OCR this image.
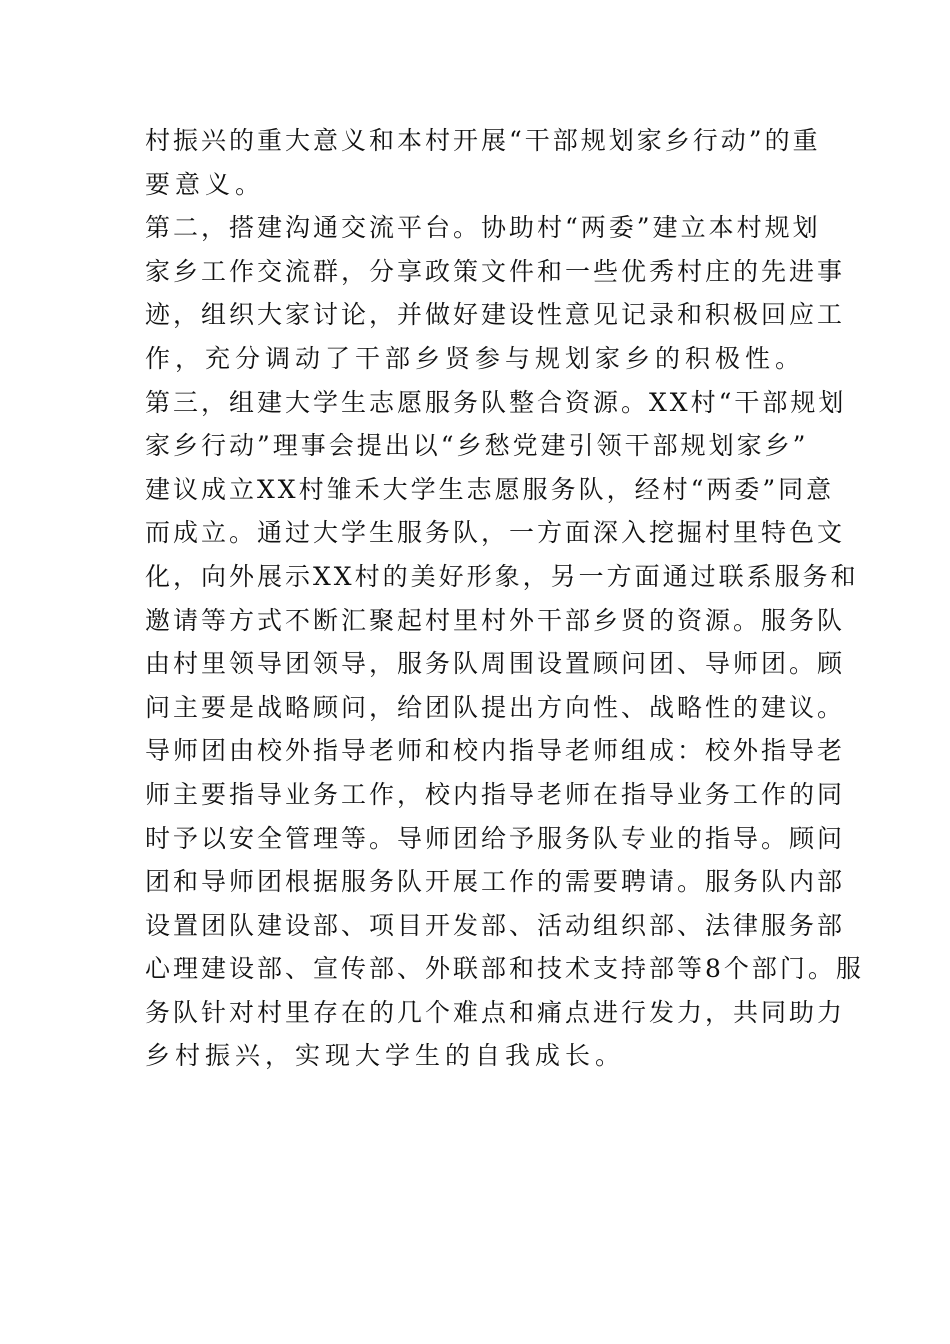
村振兴的重大意义和本村开展“干部规划家乡行动”的重
要意义。
第二，搭建沟通交流平台。协助村“两委”建立本村规划
家乡工作交流群，分享政策文件和一些优秀村庄的先进事
迹，组织大家讨论，并做好建设性意见记录和积极回应工
作，充分调动了干部乡贤参与规划家乡的积极性。
第三，组建大学生志愿服务队整合资源。XX村“干部规划
家乡行动”理事会提出以“乡愁党建引领干部规划家乡”
建议成立XX村雏禾大学生志愿服务队，经村“两委”同意
而成立。通过大学生服务队，一方面深入挖掘村里特色文
化，向外展示XX村的美好形象，另一方面通过联系服务和
邀请等方式不断汇聚起村里村外干部乡贤的资源。服务队
由村里领导团领导，服务队周围设置顾问团、导师团。顾
问主要是战略顾问，给团队提出方向性、战略性的建议。
导师团由校外指导老师和校内指导老师组成：校外指导老
师主要指导业务工作，校内指导老师在指导业务工作的同
时予以安全管理等。导师团给予服务队专业的指导。顾问
团和导师团根据服务队开展工作的需要聘请。服务队内部
设置团队建设部、项目开发部、活动组织部、法律服务部
心理建设部、宣传部、外联部和技术支持部等8个部门。服
务队针对村里存在的几个难点和痛点进行发力，共同助力
乡村振兴，实现大学生的自我成长。
